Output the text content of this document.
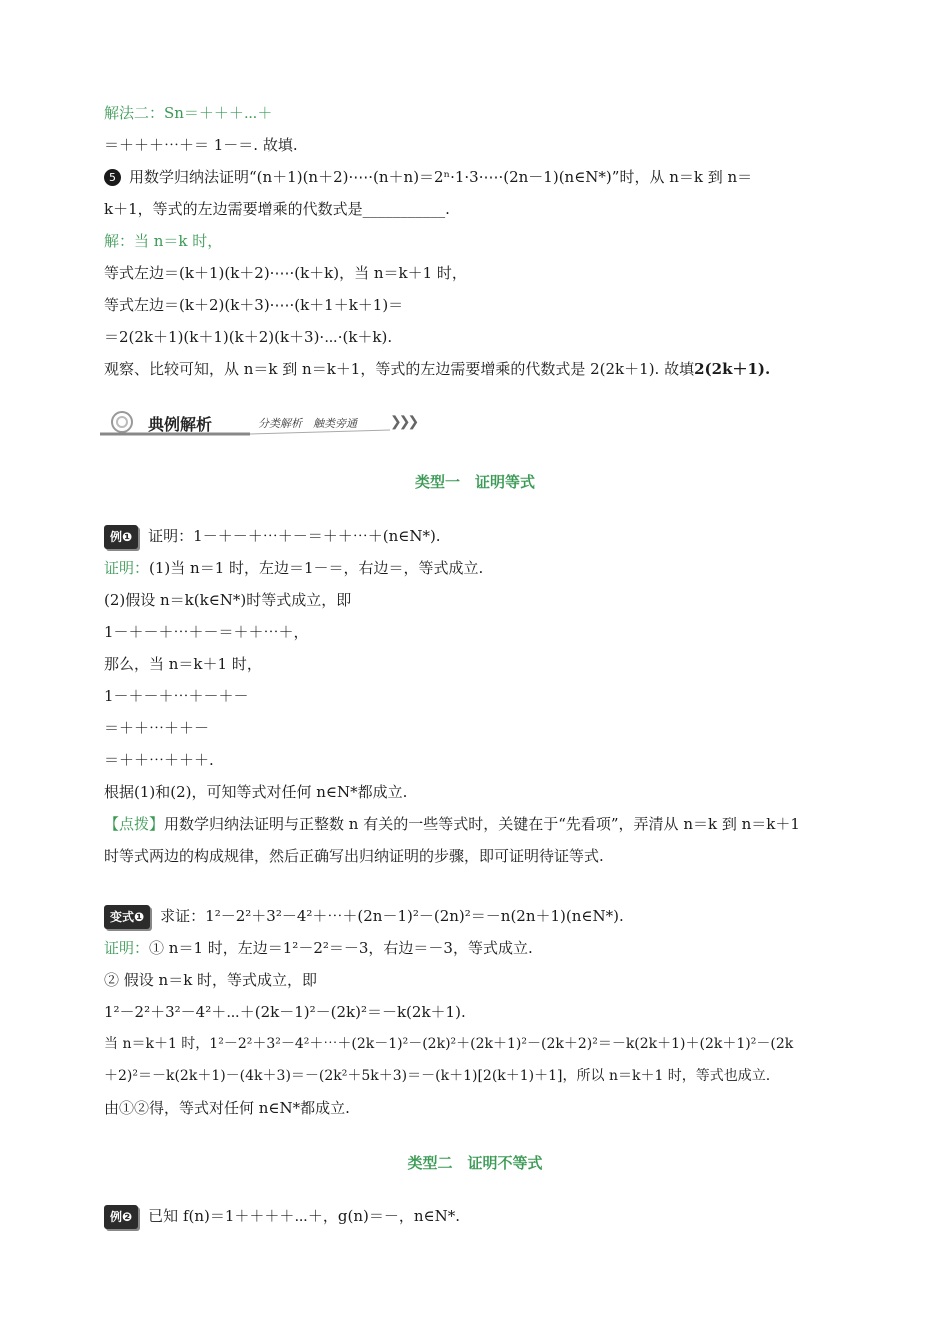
解法二：Sn＝＋＋＋⋯＋
＝＋＋＋⋯＋＝ 1－＝. 故填.
5 用数学归纳法证明“(n＋1)(n＋2)·⋯·(n＋n)＝2ⁿ·1·3·⋯·(2n－1)(n∈N*)”时，从 n＝k 到 n＝
k＋1，等式的左边需要增乘的代数式是___________.
解：当 n＝k 时，
等式左边＝(k＋1)(k＋2)·⋯·(k＋k)，当 n＝k＋1 时，
等式左边＝(k＋2)(k＋3)·⋯·(k＋1＋k＋1)＝
＝2(2k＋1)(k＋1)(k＋2)(k＋3)·⋯·(k＋k).
观察、比较可知，从 n＝k 到 n＝k＋1，等式的左边需要增乘的代数式是 2(2k＋1). 故填2(2k＋1).
典例解析	分类解析　触类旁通 ❯❯❯
类型一　证明等式
例❶ 证明：1－＋－＋⋯＋－＝＋＋⋯＋(n∈N*).
证明：(1)当 n＝1 时，左边＝1－＝，右边＝，等式成立.
(2)假设 n＝k(k∈N*)时等式成立，即
1－＋－＋⋯＋－＝＋＋⋯＋，
那么，当 n＝k＋1 时，
1－＋－＋⋯＋－＋－
＝＋＋⋯＋＋－
＝＋＋⋯＋＋＋.
根据(1)和(2)，可知等式对任何 n∈N*都成立.
【点拨】用数学归纳法证明与正整数 n 有关的一些等式时，关键在于“先看项”，弄清从 n＝k 到 n＝k＋1
时等式两边的构成规律，然后正确写出归纳证明的步骤，即可证明待证等式.
变式❶ 求证：1²－2²＋3²－4²＋⋯＋(2n－1)²－(2n)²＝－n(2n＋1)(n∈N*).
证明：① n＝1 时，左边＝1²－2²＝－3，右边＝－3，等式成立.
② 假设 n＝k 时，等式成立，即
1²－2²＋3²－4²＋⋯＋(2k－1)²－(2k)²＝－k(2k＋1).
当 n＝k＋1 时，1²－2²＋3²－4²＋⋯＋(2k－1)²－(2k)²＋(2k＋1)²－(2k＋2)²＝－k(2k＋1)＋(2k＋1)²－(2k
＋2)²＝－k(2k＋1)－(4k＋3)＝－(2k²＋5k＋3)＝－(k＋1)[2(k＋1)＋1]，所以 n＝k＋1 时，等式也成立.
由①②得，等式对任何 n∈N*都成立.
类型二　证明不等式
例❷ 已知 f(n)＝1＋＋＋＋⋯＋，g(n)＝－，n∈N*.
